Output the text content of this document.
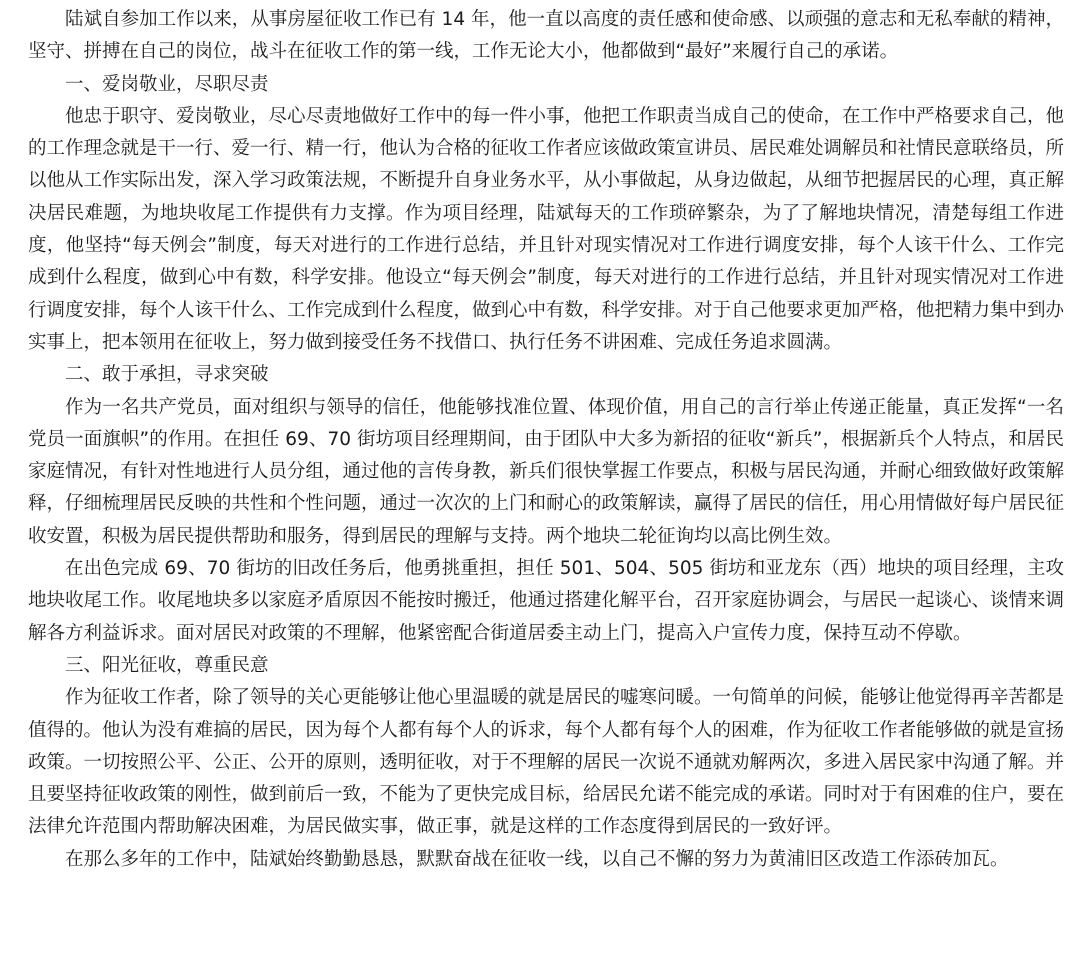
陆斌自参加工作以来，从事房屋征收工作已有 14 年，他一直以高度的责任感和使命感、以顽强的意志和无私奉献的精神，坚守、拼搏在自己的岗位，战斗在征收工作的第一线，工作无论大小，他都做到“最好”来履行自己的承诺。

一、爱岗敬业，尽职尽责

他忠于职守、爱岗敬业，尽心尽责地做好工作中的每一件小事，他把工作职责当成自己的使命，在工作中严格要求自己，他的工作理念就是干一行、爱一行、精一行，他认为合格的征收工作者应该做政策宣讲员、居民难处调解员和社情民意联络员，所以他从工作实际出发，深入学习政策法规，不断提升自身业务水平，从小事做起，从身边做起，从细节把握居民的心理，真正解决居民难题，为地块收尾工作提供有力支撑。作为项目经理，陆斌每天的工作琐碎繁杂，为了了解地块情况，清楚每组工作进度，他坚持“每天例会”制度，每天对进行的工作进行总结，并且针对现实情况对工作进行调度安排，每个人该干什么、工作完成到什么程度，做到心中有数，科学安排。他设立“每天例会”制度，每天对进行的工作进行总结，并且针对现实情况对工作进行调度安排，每个人该干什么、工作完成到什么程度，做到心中有数，科学安排。对于自己他要求更加严格，他把精力集中到办实事上，把本领用在征收上，努力做到接受任务不找借口、执行任务不讲困难、完成任务追求圆满。

二、敢于承担，寻求突破

作为一名共产党员，面对组织与领导的信任，他能够找准位置、体现价值，用自己的言行举止传递正能量，真正发挥“一名党员一面旗帜”的作用。在担任 69、70 街坊项目经理期间，由于团队中大多为新招的征收“新兵”，根据新兵个人特点，和居民家庭情况，有针对性地进行人员分组，通过他的言传身教，新兵们很快掌握工作要点，积极与居民沟通，并耐心细致做好政策解释，仔细梳理居民反映的共性和个性问题，通过一次次的上门和耐心的政策解读，赢得了居民的信任，用心用情做好每户居民征收安置，积极为居民提供帮助和服务，得到居民的理解与支持。两个地块二轮征询均以高比例生效。

在出色完成 69、70 街坊的旧改任务后，他勇挑重担，担任 501、504、505 街坊和亚龙东（西）地块的项目经理，主攻地块收尾工作。收尾地块多以家庭矛盾原因不能按时搬迁，他通过搭建化解平台，召开家庭协调会，与居民一起谈心、谈情来调解各方利益诉求。面对居民对政策的不理解，他紧密配合街道居委主动上门，提高入户宣传力度，保持互动不停歇。

三、阳光征收，尊重民意

作为征收工作者，除了领导的关心更能够让他心里温暖的就是居民的嘘寒问暖。一句简单的问候，能够让他觉得再辛苦都是值得的。他认为没有难搞的居民，因为每个人都有每个人的诉求，每个人都有每个人的困难，作为征收工作者能够做的就是宣扬政策。一切按照公平、公正、公开的原则，透明征收，对于不理解的居民一次说不通就劝解两次，多进入居民家中沟通了解。并且要坚持征收政策的刚性，做到前后一致，不能为了更快完成目标，给居民允诺不能完成的承诺。同时对于有困难的住户，要在法律允许范围内帮助解决困难，为居民做实事，做正事，就是这样的工作态度得到居民的一致好评。

在那么多年的工作中，陆斌始终勤勤恳恳，默默奋战在征收一线，以自己不懈的努力为黄浦旧区改造工作添砖加瓦。
